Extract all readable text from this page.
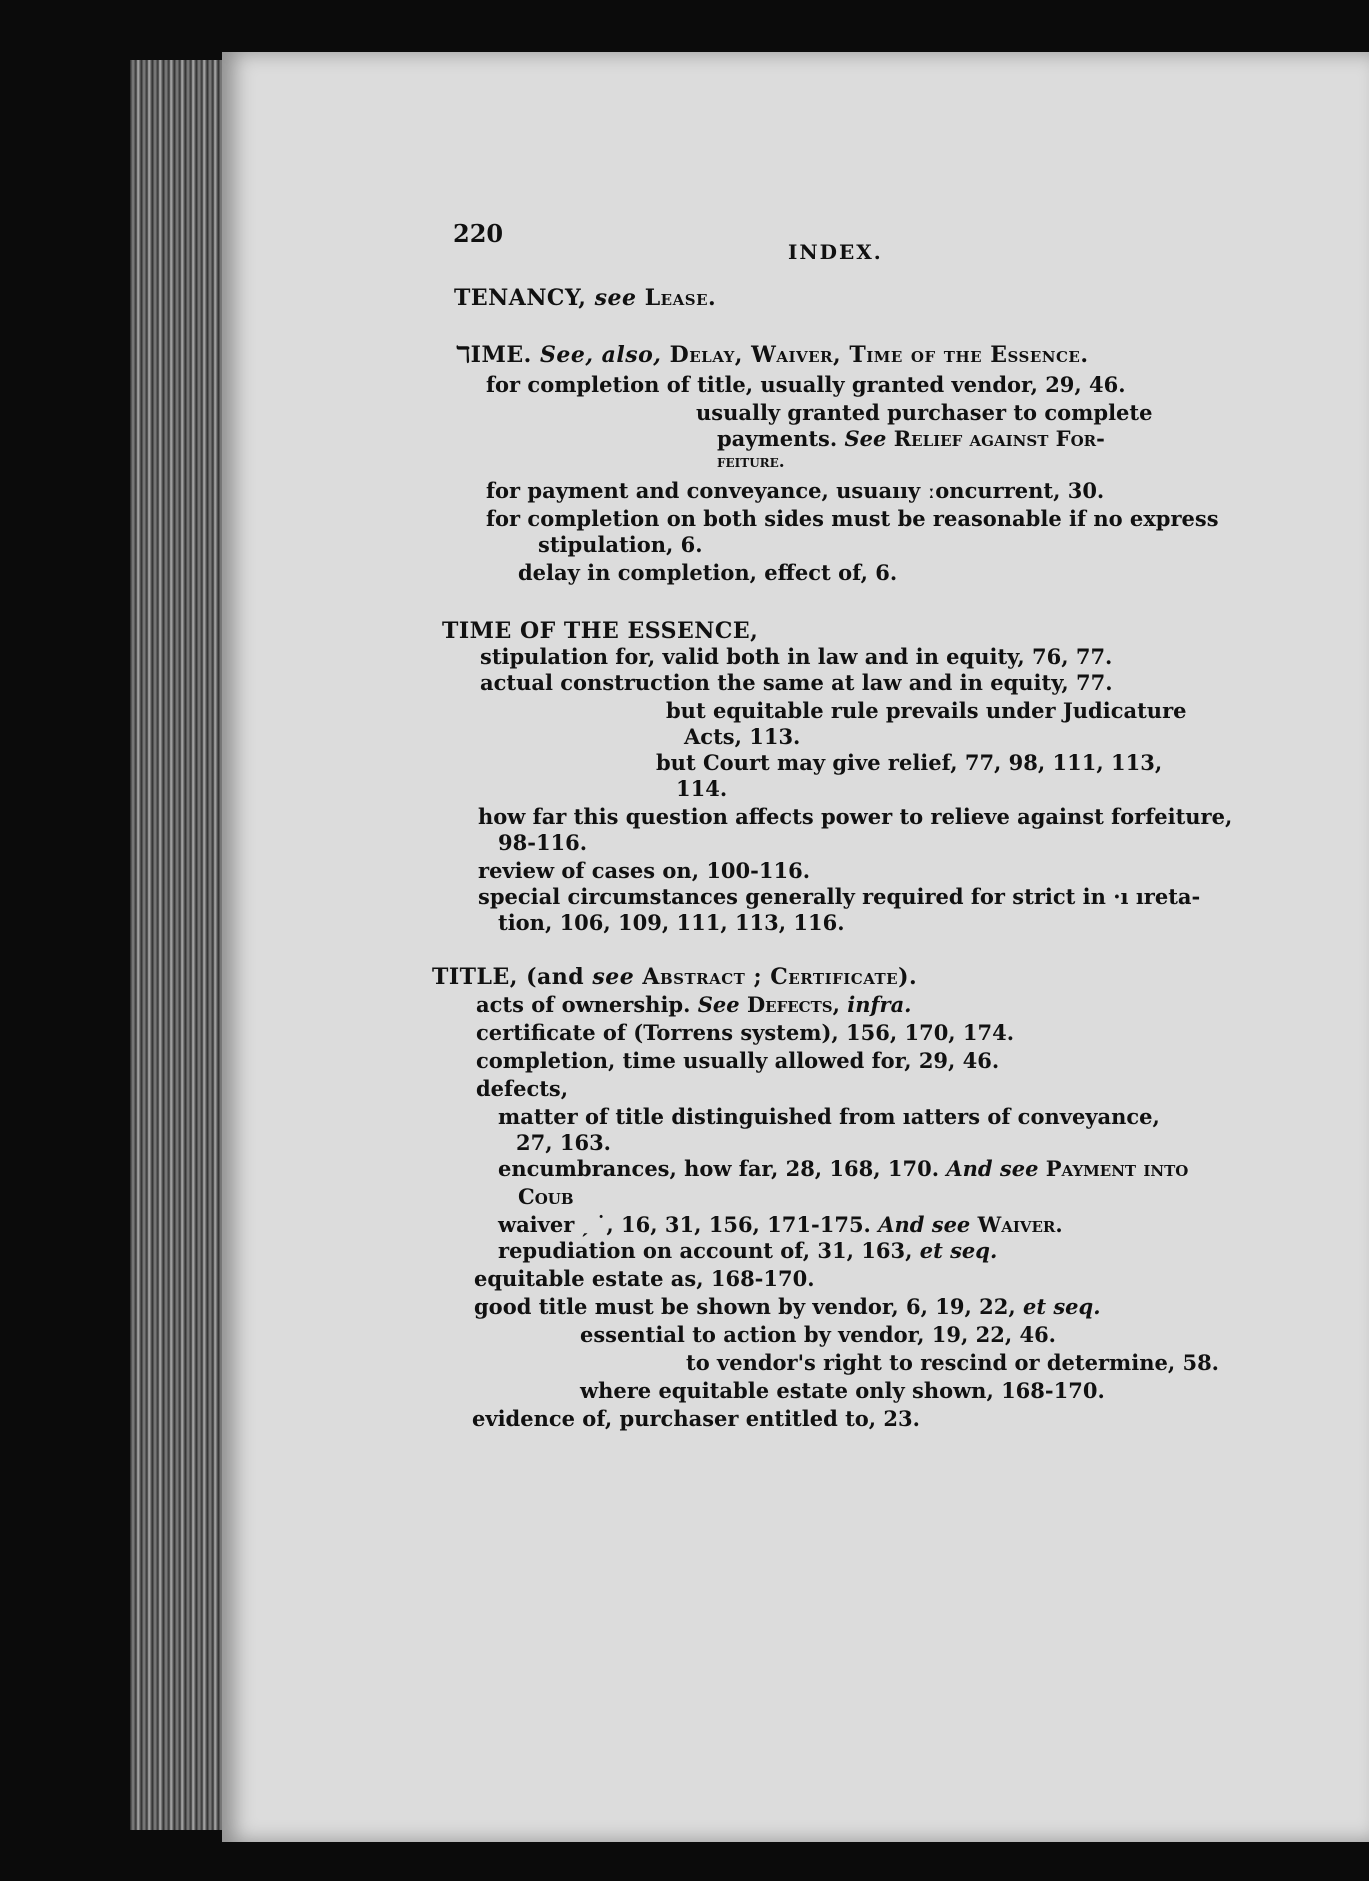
220
INDEX.
TENANCY, see Lease.
ℸIME. See, also, Delay, Waiver, Time of the Essence.
for completion of title, usually granted vendor, 29, 46.
usually granted purchaser to complete
payments. See Relief against For-
feiture.
for payment and conveyance, usuaııy ːoncurrent, 30.
for completion on both sides must be reasonable if no express
stipulation, 6.
delay in completion, effect of, 6.
TIME OF THE ESSENCE,
stipulation for, valid both in law and in equity, 76, 77.
actual construction the same at law and in equity, 77.
but equitable rule prevails under Judicature
Acts, 113.
but Court may give relief, 77, 98, 111, 113,
114.
how far this question affects power to relieve against forfeiture,
98-116.
review of cases on, 100-116.
special circumstances generally required for strict in ·ı ıreta-
tion, 106, 109, 111, 113, 116.
TITLE, (and see Abstract ; Certificate).
acts of ownership. See Defects, infra.
certificate of (Torrens system), 156, 170, 174.
completion, time usually allowed for, 29, 46.
defects,
matter of title distinguished from ıatters of conveyance,
27, 163.
encumbrances, how far, 28, 168, 170. And see Payment into
Coub
waiver ˏ ˙, 16, 31, 156, 171-175. And see Waiver.
repudiation on account of, 31, 163, et seq.
equitable estate as, 168-170.
good title must be shown by vendor, 6, 19, 22, et seq.
essential to action by vendor, 19, 22, 46.
to vendor's right to rescind or determine, 58.
where equitable estate only shown, 168-170.
evidence of, purchaser entitled to, 23.
